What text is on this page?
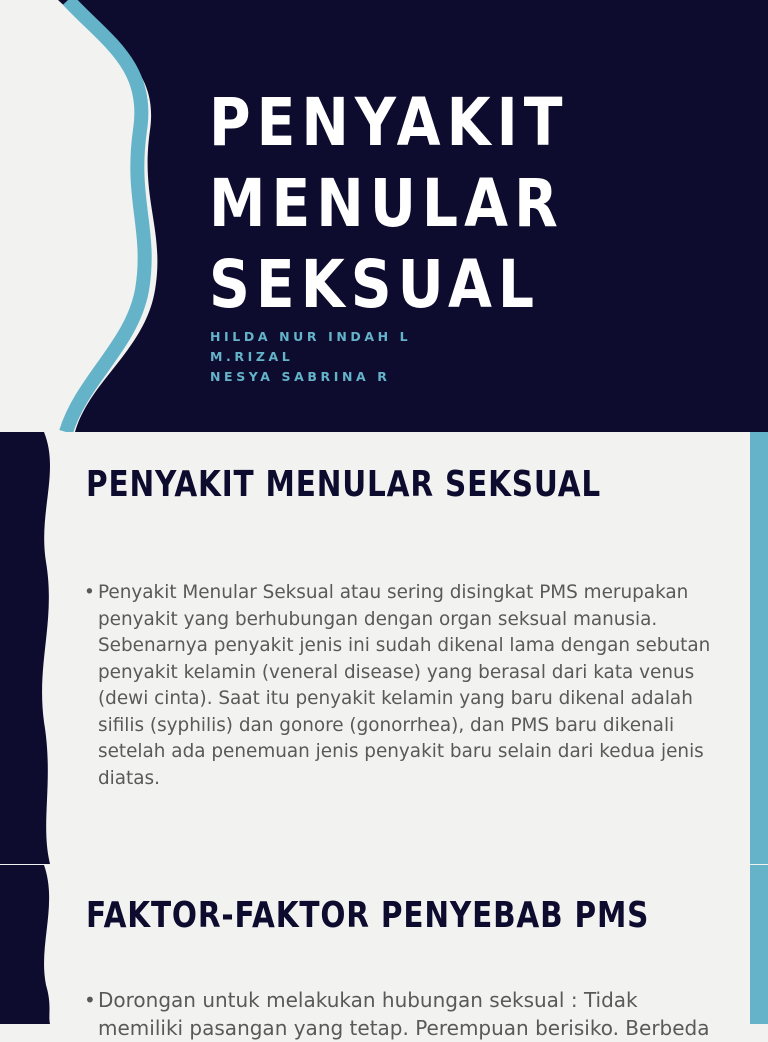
PENYAKIT
MENULAR
SEKSUAL
HILDA NUR INDAH L
M.RIZAL
NESYA SABRINA R
PENYAKIT MENULAR SEKSUAL
• Penyakit Menular Seksual atau sering disingkat PMS merupakan penyakit yang berhubungan dengan organ seksual manusia. Sebenarnya penyakit jenis ini sudah dikenal lama dengan sebutan penyakit kelamin (veneral disease) yang berasal dari kata venus (dewi cinta). Saat itu penyakit kelamin yang baru dikenal adalah sifilis (syphilis) dan gonore (gonorrhea), dan PMS baru dikenali setelah ada penemuan jenis penyakit baru selain dari kedua jenis diatas.
FAKTOR-FAKTOR PENYEBAB PMS
• Dorongan untuk melakukan hubungan seksual : Tidak memiliki pasangan yang tetap. Perempuan berisiko. Berbeda
